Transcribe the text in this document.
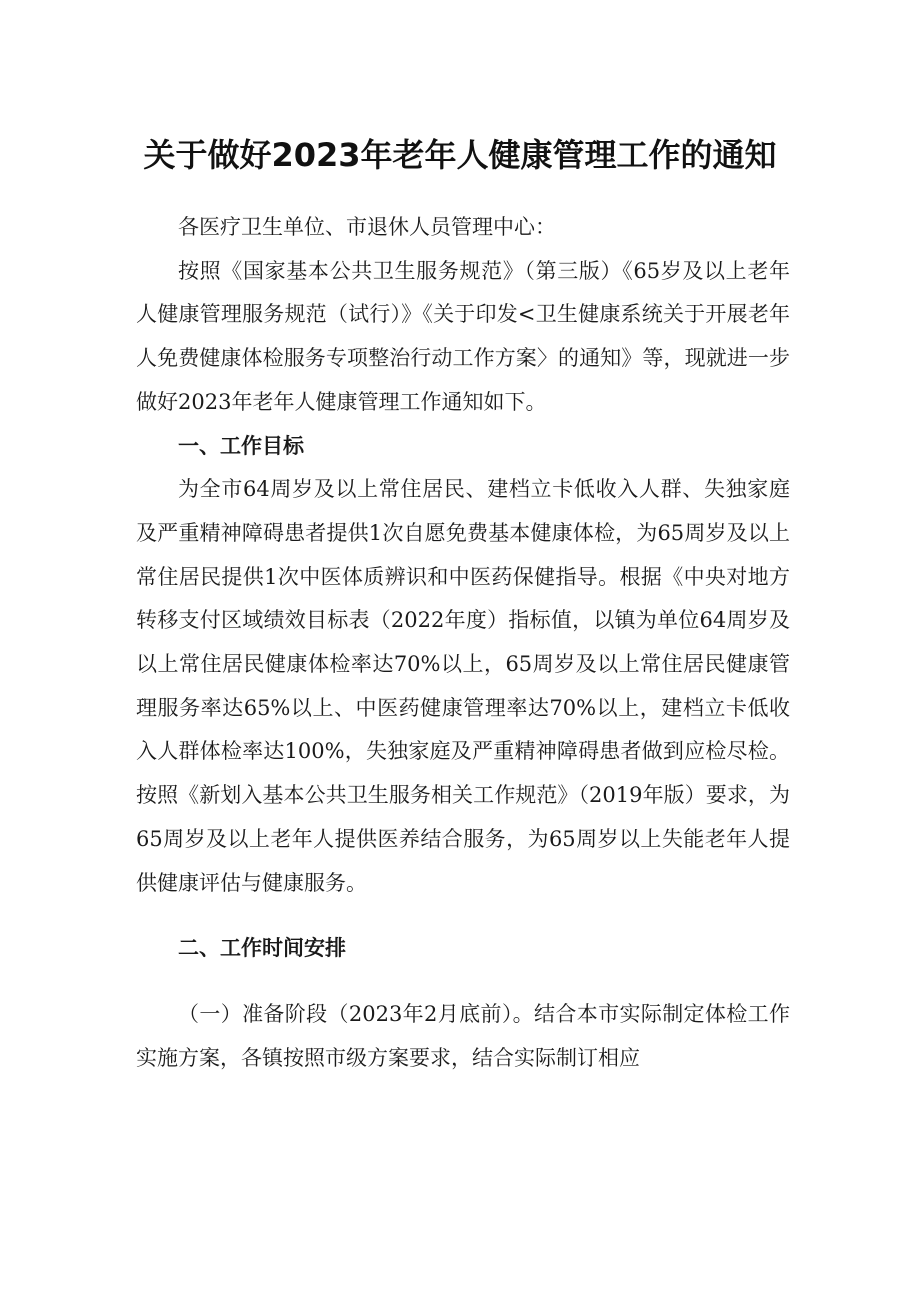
关于做好2023年老年人健康管理工作的通知

各医疗卫生单位、市退休人员管理中心：

按照《国家基本公共卫生服务规范》（第三版）《65岁及以上老年人健康管理服务规范（试行）》《关于印发<卫生健康系统关于开展老年人免费健康体检服务专项整治行动工作方案〉的通知》等，现就进一步做好2023年老年人健康管理工作通知如下。

一、工作目标

为全市64周岁及以上常住居民、建档立卡低收入人群、失独家庭及严重精神障碍患者提供1次自愿免费基本健康体检，为65周岁及以上常住居民提供1次中医体质辨识和中医药保健指导。根据《中央对地方转移支付区域绩效目标表（2022年度）指标值，以镇为单位64周岁及以上常住居民健康体检率达70%以上，65周岁及以上常住居民健康管理服务率达65%以上、中医药健康管理率达70%以上，建档立卡低收入人群体检率达100%，失独家庭及严重精神障碍患者做到应检尽检。按照《新划入基本公共卫生服务相关工作规范》（2019年版）要求，为65周岁及以上老年人提供医养结合服务，为65周岁以上失能老年人提供健康评估与健康服务。

二、工作时间安排

（一）准备阶段（2023年2月底前）。结合本市实际制定体检工作实施方案，各镇按照市级方案要求，结合实际制订相应
